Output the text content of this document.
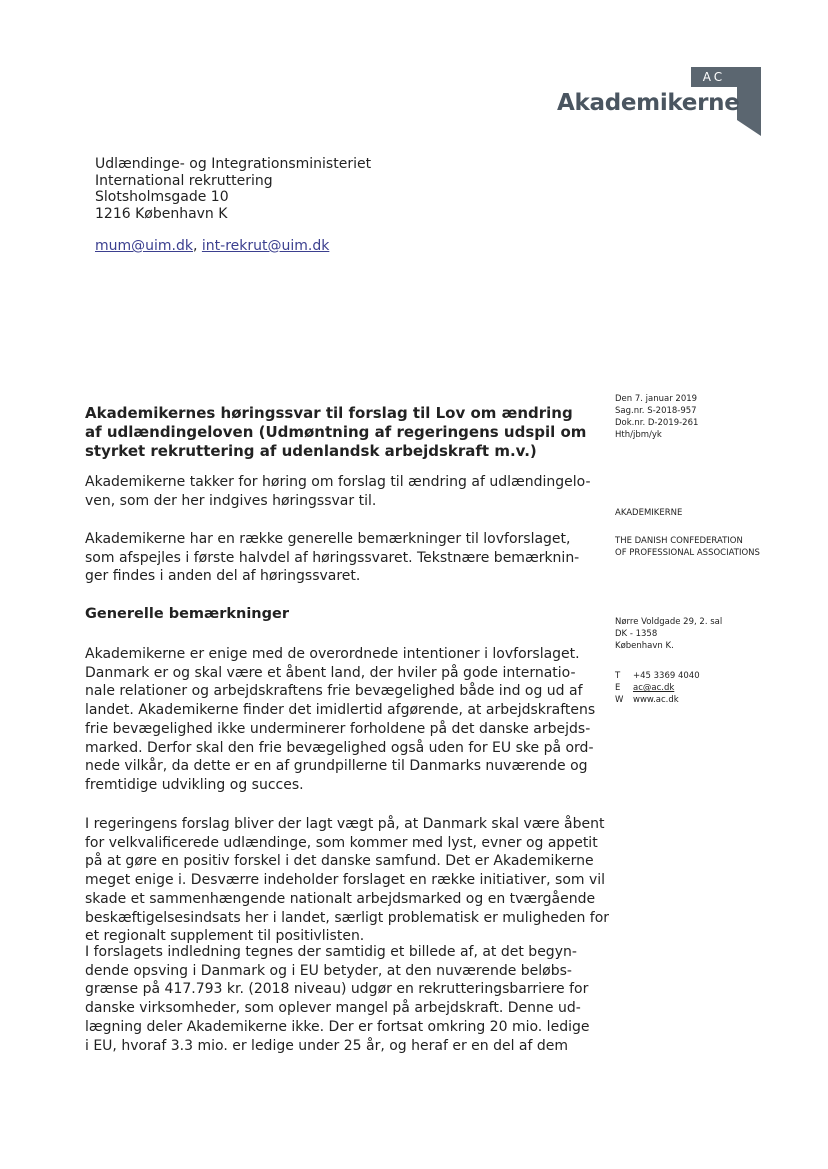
AC
Akademikerne
Udlændinge- og Integrationsministeriet
International rekruttering
Slotsholmsgade 10
1216 København K
mum@uim.dk, int-rekrut@uim.dk
Den 7. januar 2019
Sag.nr. S-2018-957
Dok.nr. D-2019-261
Hth/jbm/yk
AKADEMIKERNE
THE DANISH CONFEDERATION
OF PROFESSIONAL ASSOCIATIONS
Nørre Voldgade 29, 2. sal
DK - 1358
København K.
T +45 3369 4040
E ac@ac.dk
W www.ac.dk
Akademikernes høringssvar til forslag til Lov om ændring
af udlændingeloven (Udmøntning af regeringens udspil om
styrket rekruttering af udenlandsk arbejdskraft m.v.)
Akademikerne takker for høring om forslag til ændring af udlændingelo-
ven, som der her indgives høringssvar til.
Akademikerne har en række generelle bemærkninger til lovforslaget,
som afspejles i første halvdel af høringssvaret. Tekstnære bemærknin-
ger findes i anden del af høringssvaret.
Generelle bemærkninger
Akademikerne er enige med de overordnede intentioner i lovforslaget.
Danmark er og skal være et åbent land, der hviler på gode internatio-
nale relationer og arbejdskraftens frie bevægelighed både ind og ud af
landet. Akademikerne finder det imidlertid afgørende, at arbejdskraftens
frie bevægelighed ikke underminerer forholdene på det danske arbejds-
marked. Derfor skal den frie bevægelighed også uden for EU ske på ord-
nede vilkår, da dette er en af grundpillerne til Danmarks nuværende og
fremtidige udvikling og succes.
I regeringens forslag bliver der lagt vægt på, at Danmark skal være åbent
for velkvalificerede udlændinge, som kommer med lyst, evner og appetit
på at gøre en positiv forskel i det danske samfund. Det er Akademikerne
meget enige i. Desværre indeholder forslaget en række initiativer, som vil
skade et sammenhængende nationalt arbejdsmarked og en tværgående
beskæftigelsesindsats her i landet, særligt problematisk er muligheden for
et regionalt supplement til positivlisten.
I forslagets indledning tegnes der samtidig et billede af, at det begyn-
dende opsving i Danmark og i EU betyder, at den nuværende beløbs-
grænse på 417.793 kr. (2018 niveau) udgør en rekrutteringsbarriere for
danske virksomheder, som oplever mangel på arbejdskraft. Denne ud-
lægning deler Akademikerne ikke. Der er fortsat omkring 20 mio. ledige
i EU, hvoraf 3.3 mio. er ledige under 25 år, og heraf er en del af dem
